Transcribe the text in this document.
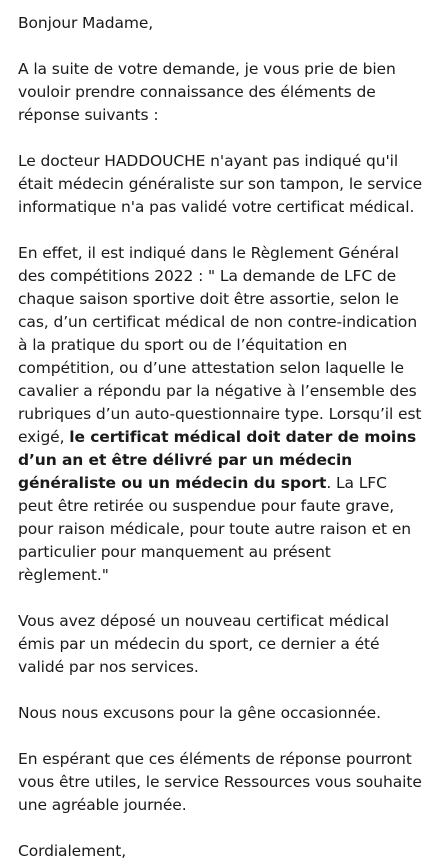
Bonjour Madame,

A la suite de votre demande, je vous prie de bien vouloir prendre connaissance des éléments de réponse suivants :

Le docteur HADDOUCHE n'ayant pas indiqué qu'il était médecin généraliste sur son tampon, le service informatique n'a pas validé votre certificat médical.

En effet, il est indiqué dans le Règlement Général des compétitions 2022 : " La demande de LFC de chaque saison sportive doit être assortie, selon le cas, d’un certificat médical de non contre-indication à la pratique du sport ou de l’équitation en compétition, ou d’une attestation selon laquelle le cavalier a répondu par la négative à l’ensemble des rubriques d’un auto-questionnaire type. Lorsqu’il est exigé, le certificat médical doit dater de moins d’un an et être délivré par un médecin généraliste ou un médecin du sport. La LFC peut être retirée ou suspendue pour faute grave, pour raison médicale, pour toute autre raison et en particulier pour manquement au présent règlement."

Vous avez déposé un nouveau certificat médical émis par un médecin du sport, ce dernier a été validé par nos services.

Nous nous excusons pour la gêne occasionnée.

En espérant que ces éléments de réponse pourront vous être utiles, le service Ressources vous souhaite une agréable journée.

Cordialement,
